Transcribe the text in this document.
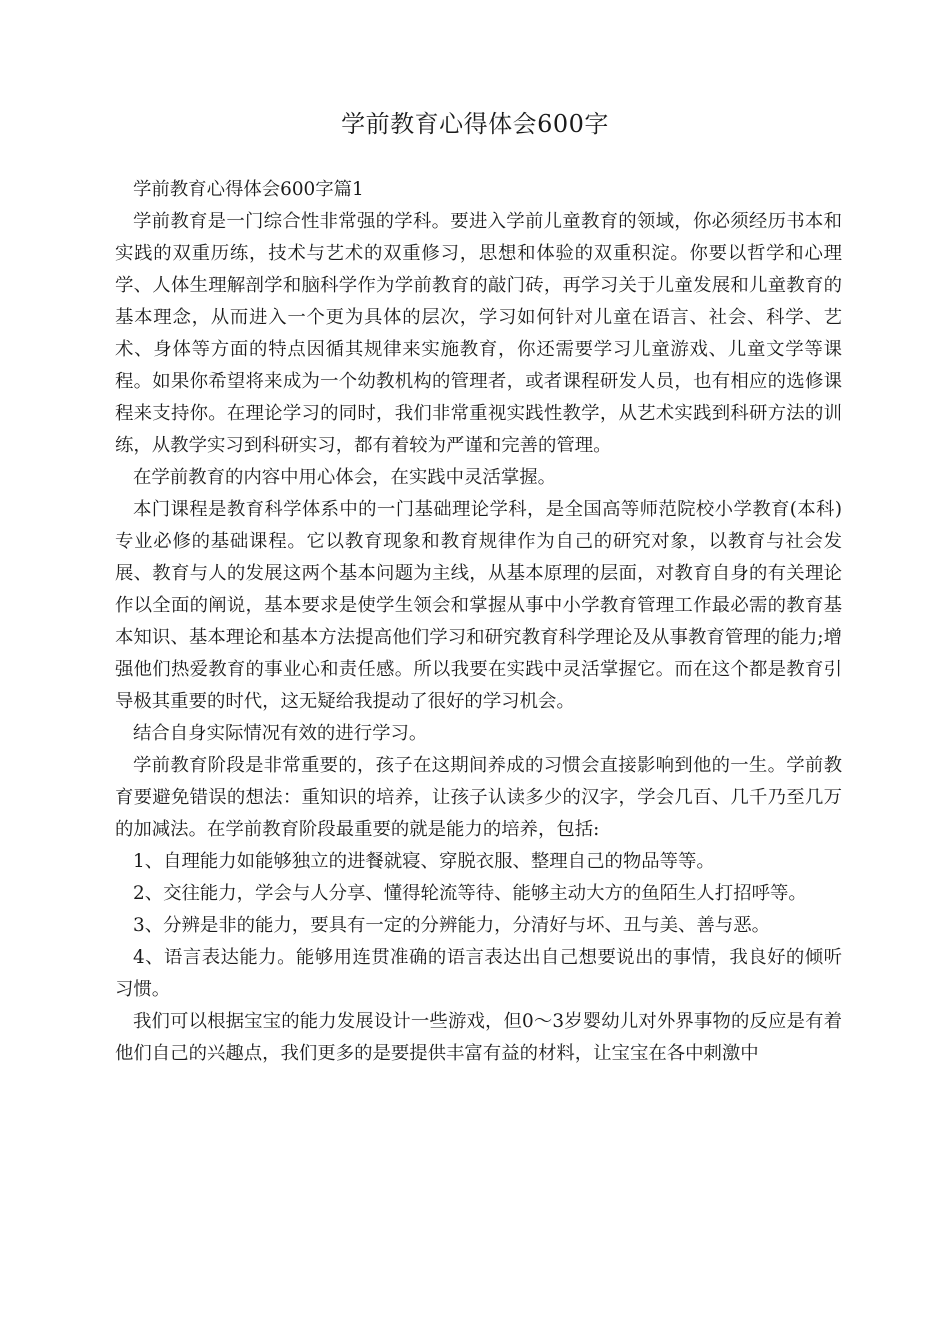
学前教育心得体会600字

学前教育心得体会600字篇1

学前教育是一门综合性非常强的学科。要进入学前儿童教育的领域，你必须经历书本和实践的双重历练，技术与艺术的双重修习，思想和体验的双重积淀。你要以哲学和心理学、人体生理解剖学和脑科学作为学前教育的敲门砖，再学习关于儿童发展和儿童教育的基本理念，从而进入一个更为具体的层次，学习如何针对儿童在语言、社会、科学、艺术、身体等方面的特点因循其规律来实施教育，你还需要学习儿童游戏、儿童文学等课程。如果你希望将来成为一个幼教机构的管理者，或者课程研发人员，也有相应的选修课程来支持你。在理论学习的同时，我们非常重视实践性教学，从艺术实践到科研方法的训练，从教学实习到科研实习，都有着较为严谨和完善的管理。

在学前教育的内容中用心体会，在实践中灵活掌握。

本门课程是教育科学体系中的一门基础理论学科，是全国高等师范院校小学教育(本科)专业必修的基础课程。它以教育现象和教育规律作为自己的研究对象，以教育与社会发展、教育与人的发展这两个基本问题为主线，从基本原理的层面，对教育自身的有关理论作以全面的阐说，基本要求是使学生领会和掌握从事中小学教育管理工作最必需的教育基本知识、基本理论和基本方法提高他们学习和研究教育科学理论及从事教育管理的能力;增强他们热爱教育的事业心和责任感。所以我要在实践中灵活掌握它。而在这个都是教育引导极其重要的时代，这无疑给我提动了很好的学习机会。

结合自身实际情况有效的进行学习。

学前教育阶段是非常重要的，孩子在这期间养成的习惯会直接影响到他的一生。学前教育要避免错误的想法：重知识的培养，让孩子认读多少的汉字，学会几百、几千乃至几万的加减法。在学前教育阶段最重要的就是能力的培养，包括:

1、自理能力如能够独立的进餐就寝、穿脱衣服、整理自己的物品等等。

2、交往能力，学会与人分享、懂得轮流等待、能够主动大方的鱼陌生人打招呼等。

3、分辨是非的能力，要具有一定的分辨能力，分清好与坏、丑与美、善与恶。

4、语言表达能力。能够用连贯准确的语言表达出自己想要说出的事情，我良好的倾听习惯。

我们可以根据宝宝的能力发展设计一些游戏，但0～3岁婴幼儿对外界事物的反应是有着他们自己的兴趣点，我们更多的是要提供丰富有益的材料，让宝宝在各中刺激中
